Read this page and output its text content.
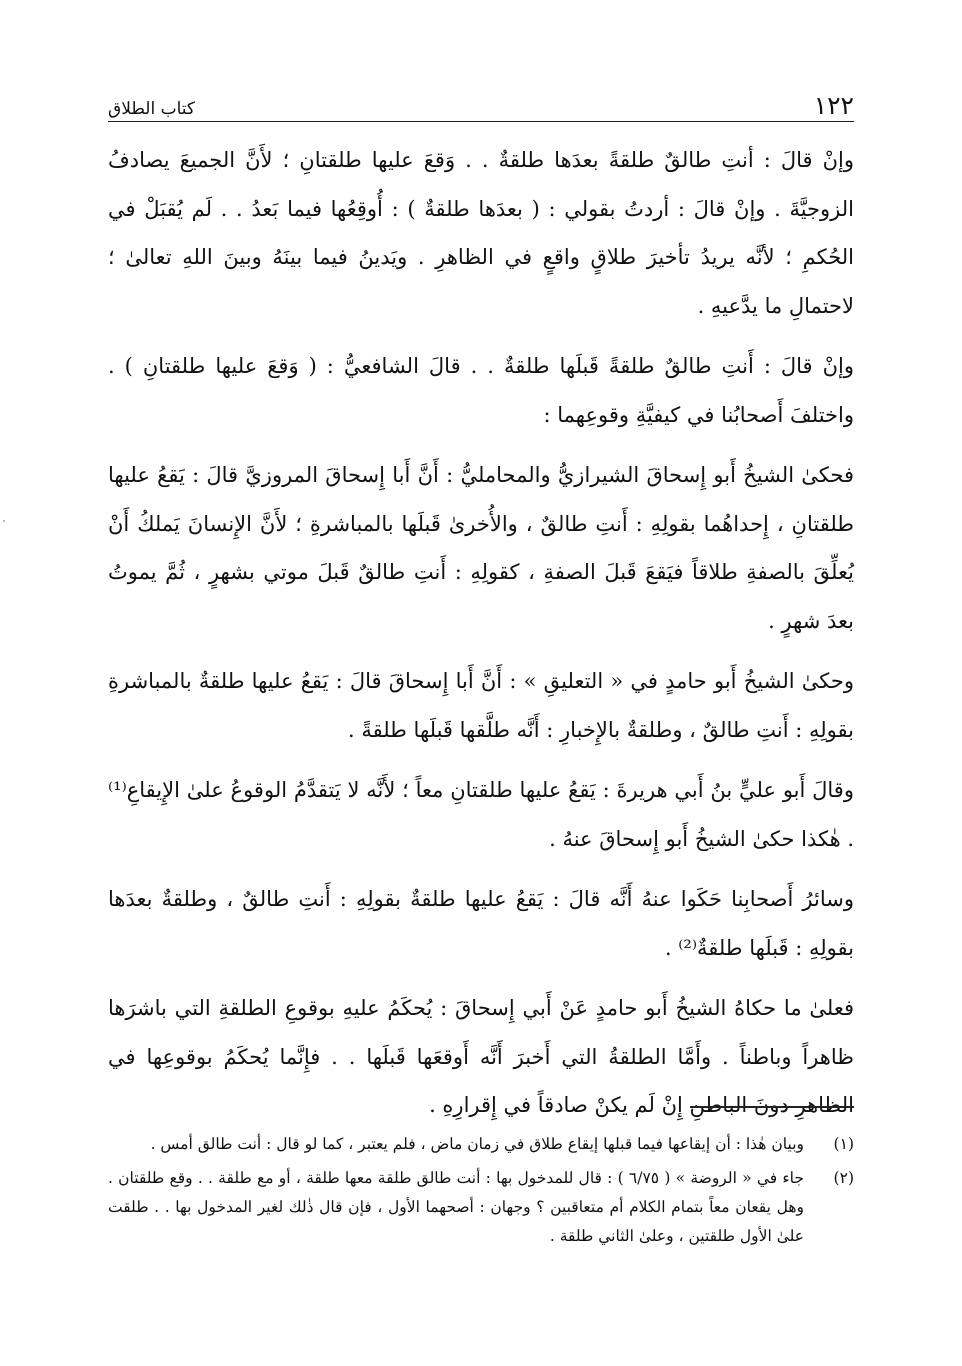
١٢٢
كتاب الطلاق

وإنْ قالَ : أنتِ طالقٌ طلقةً بعدَها طلقةٌ . . وَقعَ عليها طلقتانِ ؛ لأَنَّ الجميعَ يصادفُ الزوجيَّةَ . وإنْ قالَ : أردتُ بقولي : ( بعدَها طلقةٌ ) : أُوقِعُها فيما بَعدُ . . لَم يُقبَلْ في الحُكمِ ؛ لأنَّه يريدُ تأخيرَ طلاقٍ واقعٍ في الظاهرِ . ويَدينُ فيما بينَهُ وبينَ اللهِ تعالىٰ ؛ لاحتمالِ ما يدَّعيهِ .

وإنْ قالَ : أَنتِ طالقٌ طلقةً قَبلَها طلقةٌ . . قالَ الشافعيُّ : ( وَقعَ عليها طلقتانِ ) . واختلفَ أَصحابُنا في كيفيَّةِ وقوعِهما :

فحكىٰ الشيخُ أَبو إِسحاقَ الشيرازيُّ والمحامليُّ : أَنَّ أَبا إِسحاقَ المروزيَّ قالَ : يَقعُ عليها طلقتانِ ، إِحداهُما بقولِهِ : أَنتِ طالقٌ ، والأُخرىٰ قَبلَها بالمباشرةِ ؛ لأَنَّ الإِنسانَ يَملكُ أَنْ يُعلِّقَ بالصفةِ طلاقاً فيَقعَ قَبلَ الصفةِ ، كقولِهِ : أَنتِ طالقٌ قَبلَ موتي بشهرٍ ، ثُمَّ يموتُ بعدَ شهرٍ .

وحكىٰ الشيخُ أَبو حامدٍ في « التعليقِ » : أَنَّ أَبا إِسحاقَ قالَ : يَقعُ عليها طلقةٌ بالمباشرةِ بقولِهِ : أَنتِ طالقٌ ، وطلقةٌ بالإِخبارِ : أَنَّه طلَّقها قَبلَها طلقةً .

وقالَ أَبو عليٍّ بنُ أَبي هريرةَ : يَقعُ عليها طلقتانِ معاً ؛ لأَنَّه لا يَتقدَّمُ الوقوعُ علىٰ الإِيقاعِ⁽¹⁾ . هٰكذا حكىٰ الشيخُ أَبو إِسحاقَ عنهُ .

وسائرُ أَصحابِنا حَكَوا عنهُ أَنَّه قالَ : يَقعُ عليها طلقةٌ بقولِهِ : أَنتِ طالقٌ ، وطلقةٌ بعدَها بقولِهِ : قَبلَها طلقةٌ⁽²⁾ .

فعلىٰ ما حكاهُ الشيخُ أَبو حامدٍ عَنْ أَبي إِسحاقَ : يُحكَمُ عليهِ بوقوعِ الطلقةِ التي باشرَها ظاهراً وباطناً . وأَمَّا الطلقةُ التي أَخبرَ أَنَّه أَوقعَها قَبلَها . . فإِنَّما يُحكَمُ بوقوعِها في الظاهرِ دونَ الباطنِ إِنْ لَم يكنْ صادقاً في إِقرارِهِ .

(١)
وبيان هٰذا : أن إيقاعها فيما قبلها إيقاع طلاق في زمان ماض ، فلم يعتبر ، كما لو قال : أنت طالق أمس .
(٢)
جاء في « الروضة » ( ٦/٧٥ ) : قال للمدخول بها : أنت طالق طلقة معها طلقة ، أو مع طلقة . . وقع طلقتان . وهل يقعان معاً بتمام الكلام أم متعاقبين ؟ وجهان : أصحهما الأول ، فإن قال ذٰلك لغير المدخول بها . . طلقت علىٰ الأول طلقتين ، وعلىٰ الثاني طلقة .
